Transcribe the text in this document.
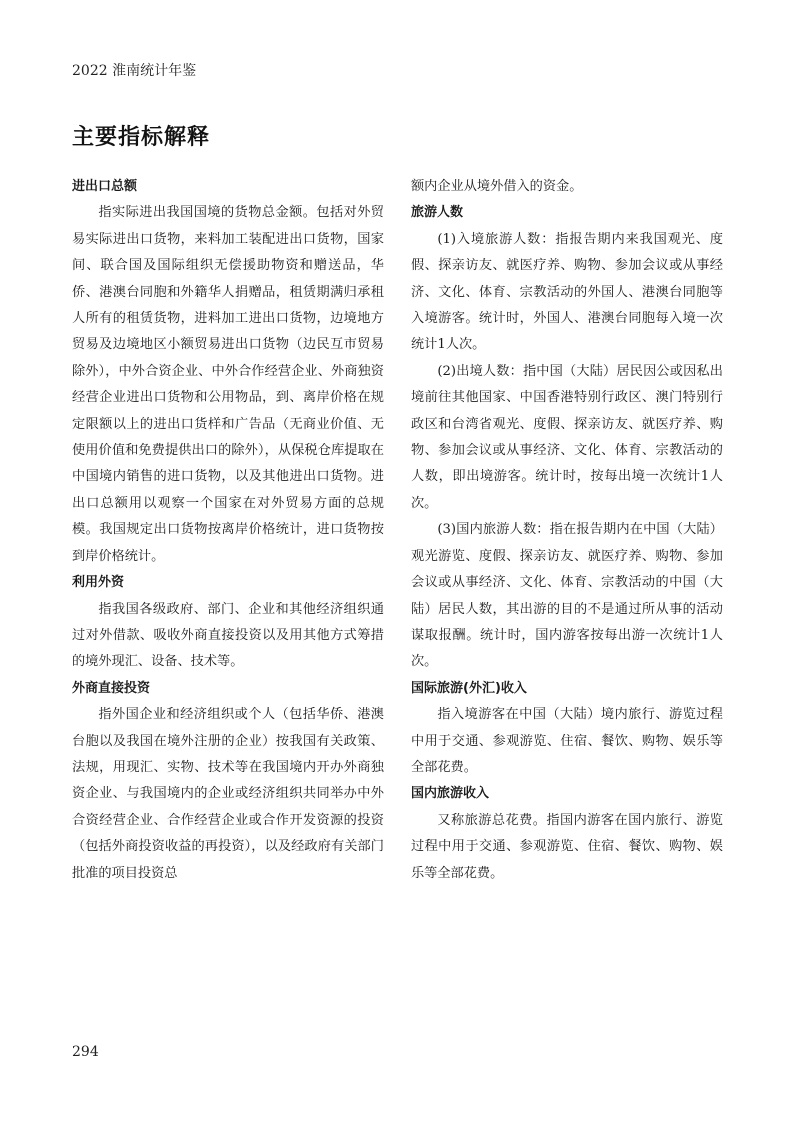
2022 淮南统计年鉴
主要指标解释

进出口总额

指实际进出我国国境的货物总金额。包括对外贸易实际进出口货物，来料加工装配进出口货物，国家间、联合国及国际组织无偿援助物资和赠送品，华侨、港澳台同胞和外籍华人捐赠品，租赁期满归承租人所有的租赁货物，进料加工进出口货物，边境地方贸易及边境地区小额贸易进出口货物（边民互市贸易除外），中外合资企业、中外合作经营企业、外商独资经营企业进出口货物和公用物品，到、离岸价格在规定限额以上的进出口货样和广告品（无商业价值、无使用价值和免费提供出口的除外），从保税仓库提取在中国境内销售的进口货物，以及其他进出口货物。进出口总额用以观察一个国家在对外贸易方面的总规模。我国规定出口货物按离岸价格统计，进口货物按到岸价格统计。

利用外资

指我国各级政府、部门、企业和其他经济组织通过对外借款、吸收外商直接投资以及用其他方式筹措的境外现汇、设备、技术等。

外商直接投资

指外国企业和经济组织或个人（包括华侨、港澳台胞以及我国在境外注册的企业）按我国有关政策、法规，用现汇、实物、技术等在我国境内开办外商独资企业、与我国境内的企业或经济组织共同举办中外合资经营企业、合作经营企业或合作开发资源的投资（包括外商投资收益的再投资），以及经政府有关部门批准的项目投资总

额内企业从境外借入的资金。

旅游人数

(1)入境旅游人数：指报告期内来我国观光、度假、探亲访友、就医疗养、购物、参加会议或从事经济、文化、体育、宗教活动的外国人、港澳台同胞等入境游客。统计时，外国人、港澳台同胞每入境一次统计1人次。

(2)出境人数：指中国（大陆）居民因公或因私出境前往其他国家、中国香港特别行政区、澳门特别行政区和台湾省观光、度假、探亲访友、就医疗养、购物、参加会议或从事经济、文化、体育、宗教活动的人数，即出境游客。统计时，按每出境一次统计1人次。

(3)国内旅游人数：指在报告期内在中国（大陆）观光游览、度假、探亲访友、就医疗养、购物、参加会议或从事经济、文化、体育、宗教活动的中国（大陆）居民人数，其出游的目的不是通过所从事的活动谋取报酬。统计时，国内游客按每出游一次统计1人次。

国际旅游(外汇)收入

指入境游客在中国（大陆）境内旅行、游览过程中用于交通、参观游览、住宿、餐饮、购物、娱乐等全部花费。

国内旅游收入

又称旅游总花费。指国内游客在国内旅行、游览过程中用于交通、参观游览、住宿、餐饮、购物、娱乐等全部花费。

294
